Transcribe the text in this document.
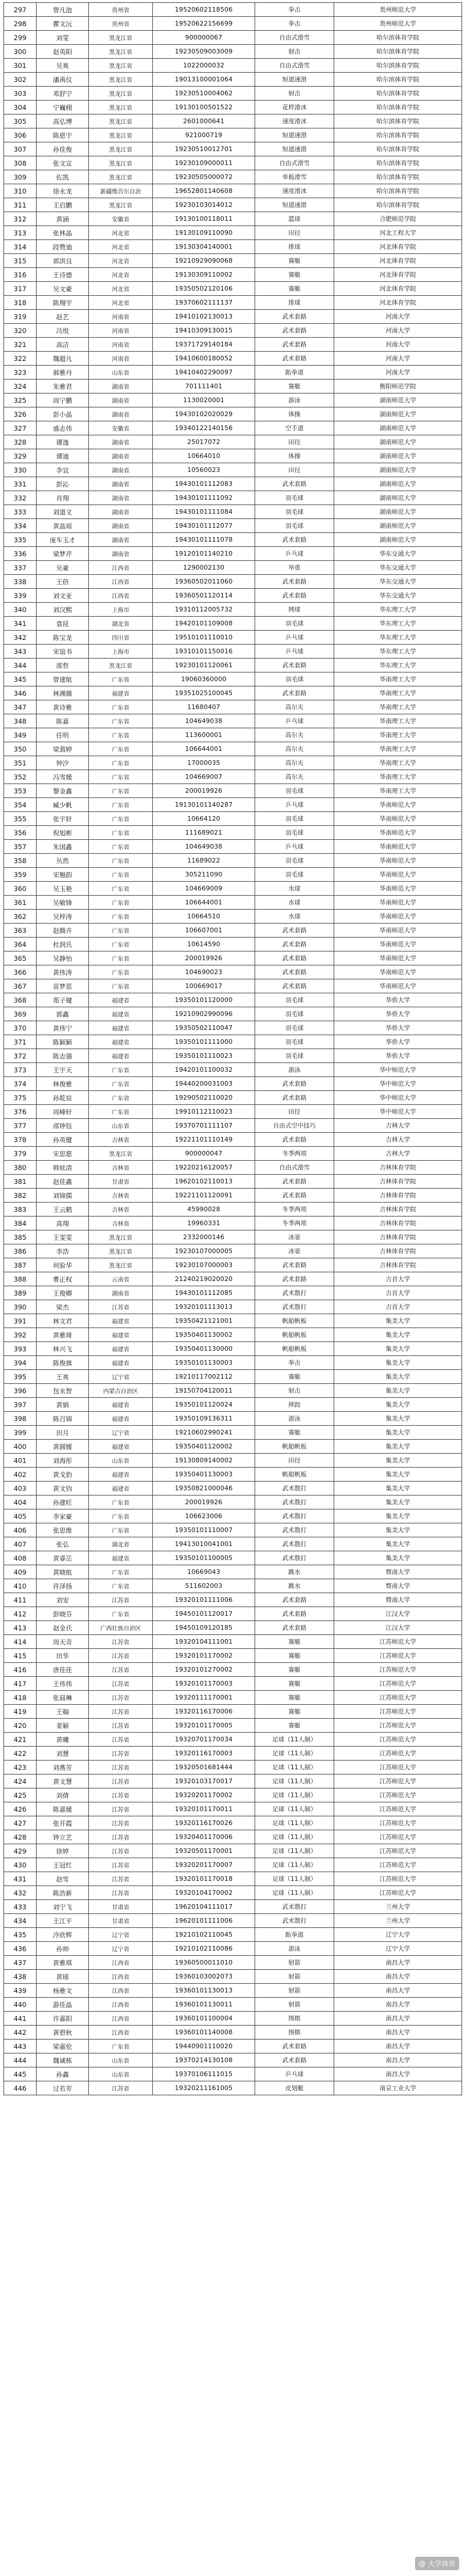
297	曾凡池	贵州省	19520602118506	拳击	贵州师范大学
298	瞿文沅	贵州省	19520622156699	拳击	贵州师范大学
299	刘雯	黑龙江省	900000067	自由式滑雪	哈尔滨体育学院
300	赵英阳	黑龙江省	19230509003009	射击	哈尔滨体育学院
301	吴爽	黑龙江省	1022000032	自由式滑雪	哈尔滨体育学院
302	潘禹仪	黑龙江省	19013100001064	短道速滑	哈尔滨体育学院
303	邓舒宁	黑龙江省	19230510004062	射击	哈尔滨体育学院
304	宁巍栩	黑龙江省	19130100501522	花样滑冰	哈尔滨体育学院
305	高弘博	黑龙江省	2601000641	速度滑冰	哈尔滨体育学院
306	陈恩宇	黑龙江省	921000719	短道速滑	哈尔滨体育学院
307	孙佳俊	黑龙江省	19230510012701	短道速滑	哈尔滨体育学院
308	张文宣	黑龙江省	19230109000011	自由式滑雪	哈尔滨体育学院
309	佐凯	黑龙江省	19230505000072	单板滑雪	哈尔滨体育学院
310	徐永龙	新疆维吾尔自治	19652801140608	速度滑冰	哈尔滨体育学院
311	王启鹏	黑龙江省	19230103014012	短道速滑	哈尔滨体育学院
312	黄涵	安徽省	19130100118011	篮球	合肥师范学院
313	张林晶	河北省	19130109110090	田径	河北工程大学
314	段赞迪	河北省	19130304140001	排球	河北体育学院
315	郭洪良	河北省	19210929090068	赛艇	河北体育学院
316	王诗德	河北省	19130309110002	赛艇	河北体育学院
317	吴文豪	河北省	19350502120106	赛艇	河北体育学院
318	陈翔宇	河北省	19370602111137	排球	河北体育学院
319	赵艺	河南省	19410102130013	武术套路	河南大学
320	冯悦	河南省	19410309130015	武术套路	河南大学
321	高洁	河南省	19371729140184	武术套路	河南大学
322	魏超凡	河南省	19410600180052	武术套路	河南大学
323	郝雅丹	山东省	19410402290097	跆拳道	河南大学
324	朱雅君	湖南省	701111401	赛艇	衡阳师范学院
325	周宁鹏	湖南省	1130020001	游泳	湖南师范大学
326	彭小晶	湖南省	19430102020029	体操	湖南师范大学
327	盛志伟	安徽省	19340122140156	空手道	湖南师范大学
328	谭逸	湖南省	25017072	田径	湖南师范大学
329	谭迪	湖南省	10664010	体操	湖南师范大学
330	李宜	湖南省	10560023	田径	湖南师范大学
331	彭沁	湖南省	19430101112083	武术套路	湖南师范大学
332	肖翔	湖南省	19430101111092	羽毛球	湖南师范大学
333	刘道文	湖南省	19430101111084	羽毛球	湖南师范大学
334	黄晶瑶	湖南省	19430101112077	羽毛球	湖南师范大学
335	庞车玉才	湖南省	19430101111078	武术套路	湖南师范大学
336	梁梦芹	湖南省	19120101140210	乒乓球	华东交通大学
337	吴豪	江西省	1290002130	举重	华东交通大学
338	王倍	江西省	19360502011060	武术套路	华东交通大学
339	刘文亚	江西省	19360501120114	武术套路	华东交通大学
340	刘汉熙	上海市	19310112005732	网球	华东理工大学
341	袁昆	湖北省	19420101109008	羽毛球	华东理工大学
342	陈宝龙	四川省	19510101110010	乒乓球	华东理工大学
343	宋谊书	上海市	19310101150016	乒乓球	华东理工大学
344	邵哲	黑龙江省	19230101120061	武术套路	华东理工大学
345	曾建航	广东省	19060360000	羽毛球	华南理工大学
346	林湘薇	福建省	19351025100045	武术套路	华南理工大学
347	黄诗雅	广东省	11680407	高尔夫	华南理工大学
348	陈嘉	广东省	104649038	乒乓球	华南理工大学
349	任明	广东省	113600001	高尔夫	华南理工大学
350	梁翡婷	广东省	106644001	高尔夫	华南理工大学
351	钟汐	广东省	17000035	高尔夫	华南理工大学
352	冯雪媛	广东省	104669007	高尔夫	华南理工大学
353	黎金鑫	广东省	200019926	羽毛球	华南理工大学
354	臧少帆	广东省	19130101140287	乒乓球	华南师范大学
355	张宇轩	广东省	10664120	羽毛球	华南师范大学
356	倪旭彬	广东省	111689021	羽毛球	华南师范大学
357	朱国鑫	广东省	104649038	乒乓球	华南师范大学
358	丛然	广东省	11689022	羽毛球	华南师范大学
359	宋翘韵	广东省	305211090	羽毛球	华南师范大学
360	吴玉艳	广东省	104669009	水球	华南师范大学
361	吴敏锋	广东省	106644001	水球	华南师范大学
362	吴梓涛	广东省	10664510	水球	华南师范大学
363	赵腾卉	广东省	106607001	武术套路	华南师范大学
364	杜润氏	广东省	10614590	武术套路	华南师范大学
365	吴静怡	广东省	200019926	武术套路	华南师范大学
366	黄伟涛	广东省	104690023	武术套路	华南师范大学
367	苗梦思	广东省	100669017	武术套路	华南师范大学
368	郑子键	福建省	19350101120000	羽毛球	华侨大学
369	郭鑫	福建省	19210902990096	羽毛球	华侨大学
370	黄伟宁	福建省	19350502110047	羽毛球	华侨大学
371	陈颖颖	福建省	19350101111000	羽毛球	华侨大学
372	陈志强	福建省	19350101110023	羽毛球	华侨大学
373	王宇天	广东省	19420101100032	游泳	华中师范大学
374	林俊雅	广东省	19440200031003	武术套路	华中师范大学
375	孙乾宸	广东省	19290502110020	武术套路	华中师范大学
376	周峰轩	广东省	19910112110023	田径	华中师范大学
377	邵钟钰	山东省	19370701111107	自由式空中技巧	吉林大学
378	孙英健	吉林省	19221101110149	武术套路	吉林大学
379	宋思愿	黑龙江省	900000047	冬季两项	吉林大学
380	韩炫清	吉林省	19220216120057	自由式滑雪	吉林体育学院
381	赵佳鑫	甘肃省	19620102110013	武术套路	吉林体育学院
382	刘锦儒	吉林省	19221101120091	武术套路	吉林体育学院
383	王云鹤	吉林省	45990028	冬季两项	吉林体育学院
384	高翔	吉林省	19960331	冬季两项	吉林体育学院
385	王雯雯	黑龙江省	2332000146	冰壶	吉林体育学院
386	李浩	黑龙江省	19230107000005	冰壶	吉林体育学院
387	何验华	黑龙江省	19230107000003	武术套路	吉林体育学院
388	曹正权	云南省	21240219020020	武术套路	吉首大学
389	王俊卿	湖南省	19430101112085	武术散打	吉首大学
390	梁杰	江苏省	19320101113013	武术散打	吉首大学
391	林文君	福建省	19350421121001	帆船帆板	集美大学
392	黄雅琦	福建省	19350401130002	帆船帆板	集美大学
393	林兴飞	福建省	19350401130000	帆船帆板	集美大学
394	陈俊旗	福建省	19350101130003	拳击	集美大学
395	王爽	辽宁省	19210117002112	赛艇	集美大学
396	包永智	内蒙古自治区	19150704120011	射击	集美大学
397	黄娟	福建省	19350101120024	摔跤	集美大学
398	陈召锦	福建省	19350109136311	游泳	集美大学
399	田月	辽宁省	19210602990241	赛艇	集美大学
400	黄圆媛	福建省	19350401120002	帆船帆板	集美大学
401	刘海彤	山东省	19130809140002	田径	集美大学
402	黄戈豹	福建省	19350401130003	帆船帆板	集美大学
403	黄文钧	福建省	19350821000046	武术散打	集美大学
404	孙建旺	广东省	200019926	武术散打	集美大学
405	李家豪	广东省	106623006	武术散打	集美大学
406	张思维	广东省	19350101110007	武术散打	集美大学
407	张弘	湖北省	19413010041001	武术散打	集美大学
408	黄睿岳	福建省	19350101100005	武术散打	集美大学
409	黄晓航	广东省	10669043	跳水	暨南大学
410	许泽扬	广东省	511602003	跳水	暨南大学
411	刘安	江苏省	19320101111006	武术套路	暨南大学
412	彭晓芬	广东省	19450101120017	武术套路	江汉大学
413	赵金氏	广西壮族自治区	19450109120185	武术套路	江汉大学
414	周天奇	江苏省	19320104111001	赛艇	江苏师范大学
415	田华	江苏省	19320101170002	赛艇	江苏师范大学
416	唐佳佳	江苏省	19320101270002	赛艇	江苏师范大学
417	王伟伟	江苏省	19320101170003	赛艇	江苏师范大学
418	张晨琳	江苏省	19320111170001	赛艇	江苏师范大学
419	王翰	江苏省	19320116170006	赛艇	江苏师范大学
420	姜颖	江苏省	19320101170005	赛艇	江苏师范大学
421	黄曦	江苏省	19320701170034	足球（11人制）	江苏师范大学
422	刘慧	江苏省	19320116170003	足球（11人制）	江苏师范大学
423	刘燕芳	江苏省	19320501681444	足球（11人制）	江苏师范大学
424	黄文慧	江苏省	19320103170017	足球（11人制）	江苏师范大学
425	刘倩	江苏省	19320201170002	足球（11人制）	江苏师范大学
426	陈嘉媛	江苏省	19320101170011	足球（11人制）	江苏师范大学
427	张开霞	江苏省	19320116170026	足球（11人制）	江苏师范大学
428	钟立艺	江苏省	19320401170006	足球（11人制）	江苏师范大学
429	徐婷	江苏省	19320501170001	足球（11人制）	江苏师范大学
430	王冠红	江苏省	19320201170007	足球（11人制）	江苏师范大学
431	赵雪	江苏省	19320101170018	足球（11人制）	江苏师范大学
432	陈浩新	江苏省	19320104170002	足球（11人制）	江苏师范大学
433	刘宁飞	甘肃省	19620104111017	武术散打	兰州大学
434	王江平	甘肃省	19620101111006	武术散打	兰州大学
435	冷欣辉	辽宁省	19210102110045	跆拳道	辽宁大学
436	孙帅	辽宁省	19210102110086	游泳	辽宁大学
437	黄雅琪	江西省	19360500011010	射箭	南昌大学
438	黄瑶	江西省	19360103002073	射箭	南昌大学
439	杨雅文	江西省	19360101130013	射箭	南昌大学
440	游佳晶	江西省	19360101130011	射箭	南昌大学
441	许嘉阳	江西省	19360101100004	围棋	南昌大学
442	黄碧秋	江西省	19360101140008	围棋	南昌大学
443	梁嘉伦	广东省	19440901110020	武术套路	南昌大学
444	魏诚栋	山东省	19370214130108	武术套路	南昌大学
445	孙鑫	山东省	19370106111015	乒乓球	南昌大学
446	过若芳	江苏省	19320211161005	皮划艇	南京工业大学
@ 大学体育
